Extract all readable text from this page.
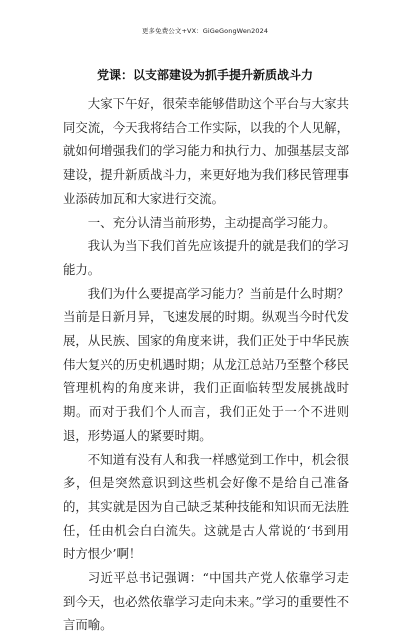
更多免费公文+VX：GiGeGongWen2024
党课：以支部建设为抓手提升新质战斗力

大家下午好，很荣幸能够借助这个平台与大家共同交流，今天我将结合工作实际，以我的个人见解，就如何增强我们的学习能力和执行力、加强基层支部建设，提升新质战斗力，来更好地为我们移民管理事业添砖加瓦和大家进行交流。

一、充分认清当前形势，主动提高学习能力。

我认为当下我们首先应该提升的就是我们的学习能力。

我们为什么要提高学习能力？当前是什么时期？当前是日新月异，飞速发展的时期。纵观当今时代发展，从民族、国家的角度来讲，我们正处于中华民族伟大复兴的历史机遇时期；从龙江总站乃至整个移民管理机构的角度来讲，我们正面临转型发展挑战时期。而对于我们个人而言，我们正处于一个不进则退，形势逼人的紧要时期。

不知道有没有人和我一样感觉到工作中，机会很多，但是突然意识到这些机会好像不是给自己准备的，其实就是因为自己缺乏某种技能和知识而无法胜任，任由机会白白流失。这就是古人常说的‘书到用时方恨少’啊！

习近平总书记强调：“中国共产党人依靠学习走到今天，也必然依靠学习走向未来。”学习的重要性不言而喻。
